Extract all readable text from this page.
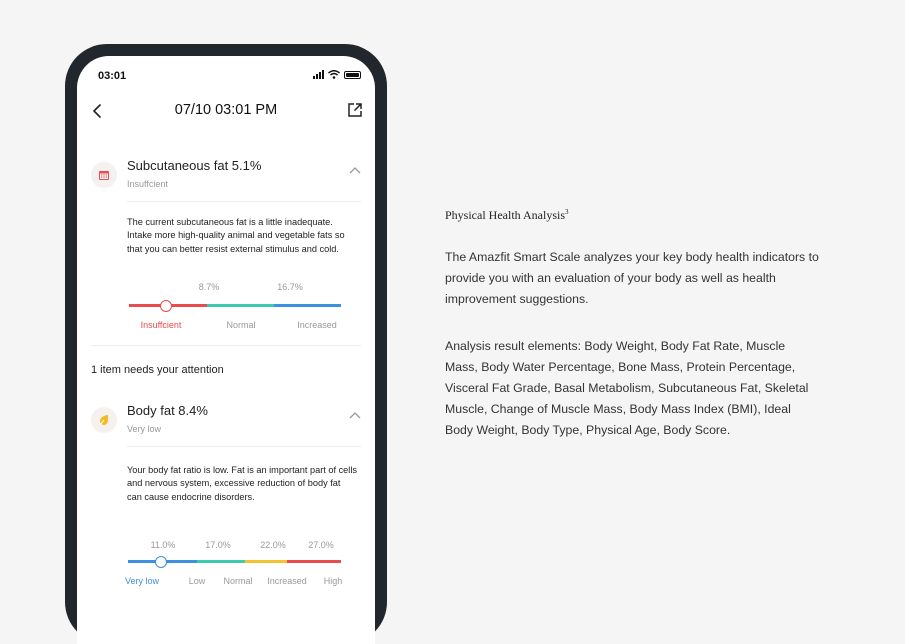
03:01
07/10 03:01 PM
Subcutaneous fat 5.1%
Insuffcient
The current subcutaneous fat is a little inadequate. Intake more high-quality animal and vegetable fats so that you can better resist external stimulus and cold.
8.7%	16.7%
Insuffcient	Normal	Increased
1 item needs your attention
Body fat 8.4%
Very low
Your body fat ratio is low. Fat is an important part of cells and nervous system, excessive reduction of body fat can cause endocrine disorders.
11.0%	17.0%	22.0% 27.0%
Very low	Low Normal Increased High
Physical Health Analysis$^3$

The Amazfit Smart Scale analyzes your key body health indicators to provide you with an evaluation of your body as well as health improvement suggestions.

Analysis result elements: Body Weight, Body Fat Rate, Muscle Mass, Body Water Percentage, Bone Mass, Protein Percentage, Visceral Fat Grade, Basal Metabolism, Subcutaneous Fat, Skeletal Muscle, Change of Muscle Mass, Body Mass Index (BMI), Ideal Body Weight, Body Type, Physical Age, Body Score.
